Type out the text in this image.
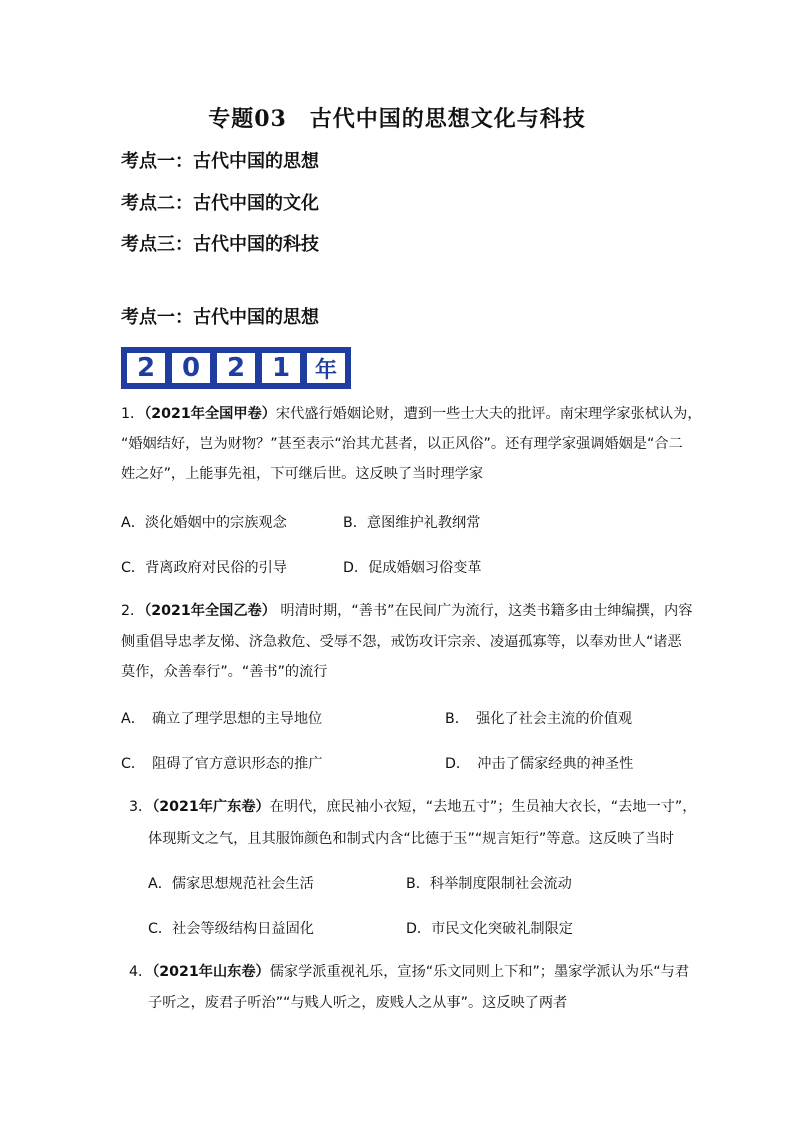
专题03　古代中国的思想文化与科技
考点一：古代中国的思想
考点二：古代中国的文化
考点三：古代中国的科技
考点一：古代中国的思想
2	0	2	1	年
1．（2021年全国甲卷）宋代盛行婚姻论财，遭到一些士大夫的批评。南宋理学家张栻认为，
“婚姻结好，岂为财物？”甚至表示“治其尤甚者，以正风俗”。还有理学家强调婚姻是“合二
姓之好”，上能事先祖，下可继后世。这反映了当时理学家
A．淡化婚姻中的宗族观念	B．意图维护礼教纲常
C．背离政府对民俗的引导	D．促成婚姻习俗变革
2．（2021年全国乙卷） 明清时期，“善书”在民间广为流行，这类书籍多由士绅编撰，内容
侧重倡导忠孝友悌、济急救危、受辱不怨，戒饬攻讦宗亲、凌逼孤寡等，以奉劝世人“诸恶
莫作，众善奉行”。“善书”的流行
A．　确立了理学思想的主导地位	B．　强化了社会主流的价值观
C．　阻碍了官方意识形态的推广	D．　冲击了儒家经典的神圣性
3．（2021年广东卷）在明代，庶民袖小衣短，“去地五寸”；生员袖大衣长，“去地一寸”，
体现斯文之气，且其服饰颜色和制式内含“比德于玉”“规言矩行”等意。这反映了当时
A．儒家思想规范社会生活	B．科举制度限制社会流动
C．社会等级结构日益固化	D．市民文化突破礼制限定
4．（2021年山东卷）儒家学派重视礼乐，宣扬“乐文同则上下和”；墨家学派认为乐“与君
子听之，废君子听治”“与贱人听之，废贱人之从事”。这反映了两者
